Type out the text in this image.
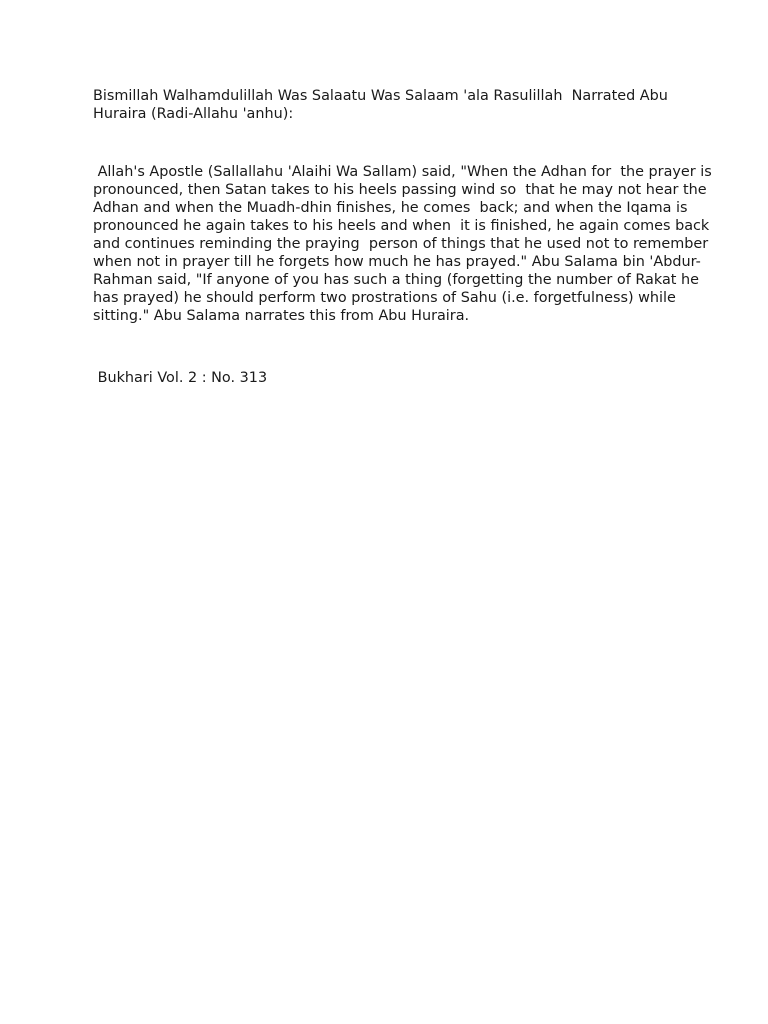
Bismillah Walhamdulillah Was Salaatu Was Salaam 'ala Rasulillah  Narrated Abu
Huraira (Radi-Allahu 'anhu):

Allah's Apostle (Sallallahu 'Alaihi Wa Sallam) said, "When the Adhan for  the prayer is
pronounced, then Satan takes to his heels passing wind so  that he may not hear the
Adhan and when the Muadh-dhin finishes, he comes  back; and when the Iqama is
pronounced he again takes to his heels and when  it is finished, he again comes back
and continues reminding the praying  person of things that he used not to remember
when not in prayer till he forgets how much he has prayed." Abu Salama bin 'Abdur-
Rahman said, "If anyone of you has such a thing (forgetting the number of Rakat he
has prayed) he should perform two prostrations of Sahu (i.e. forgetfulness) while
sitting." Abu Salama narrates this from Abu Huraira.

Bukhari Vol. 2 : No. 313
